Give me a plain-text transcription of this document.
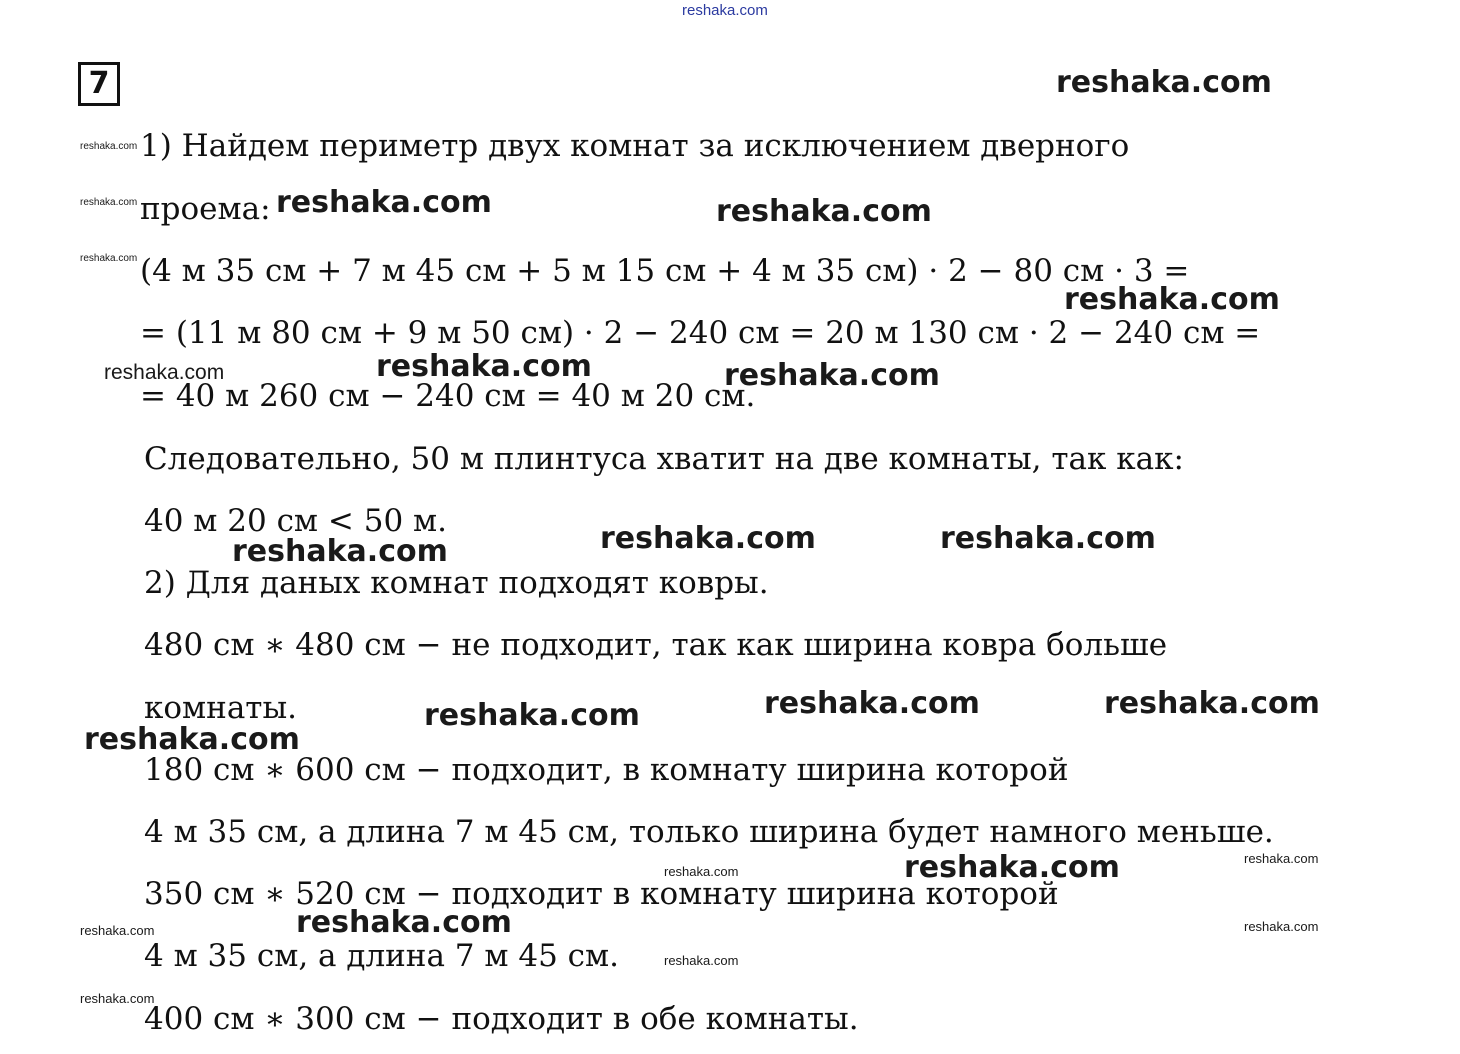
reshaka.com
7
1) Найдем периметр двух комнат за исключением дверного
проема:
(4 м 35 см + 7 м 45 см + 5 м 15 см + 4 м 35 см) · 2 − 80 см · 3 =
= (11 м 80 см + 9 м 50 см) · 2 − 240 см = 20 м 130 см · 2 − 240 см =
= 40 м 260 см − 240 см = 40 м 20 см.
Следовательно, 50 м плинтуса хватит на две комнаты, так как:
40 м 20 см < 50 м.
2) Для даных комнат подходят ковры.
480 см ∗ 480 см − не подходит, так как ширина ковра больше
комнаты.
180 см ∗ 600 см − подходит, в комнату ширина которой
4 м 35 см, а длина 7 м 45 см, только ширина будет намного меньше.
350 см ∗ 520 см − подходит в комнату ширина которой
4 м 35 см, а длина 7 м 45 см.
400 см ∗ 300 см − подходит в обе комнаты.
reshaka.com
reshaka.com
reshaka.com	reshaka.com	reshaka.com
reshaka.com
reshaka.com
reshaka.com	reshaka.com	reshaka.com
reshaka.com	reshaka.com	reshaka.com
reshaka.com	reshaka.com	reshaka.com
reshaka.com
reshaka.com
reshaka.com	reshaka.com
reshaka.com
reshaka.com	reshaka.com
reshaka.com
reshaka.com
